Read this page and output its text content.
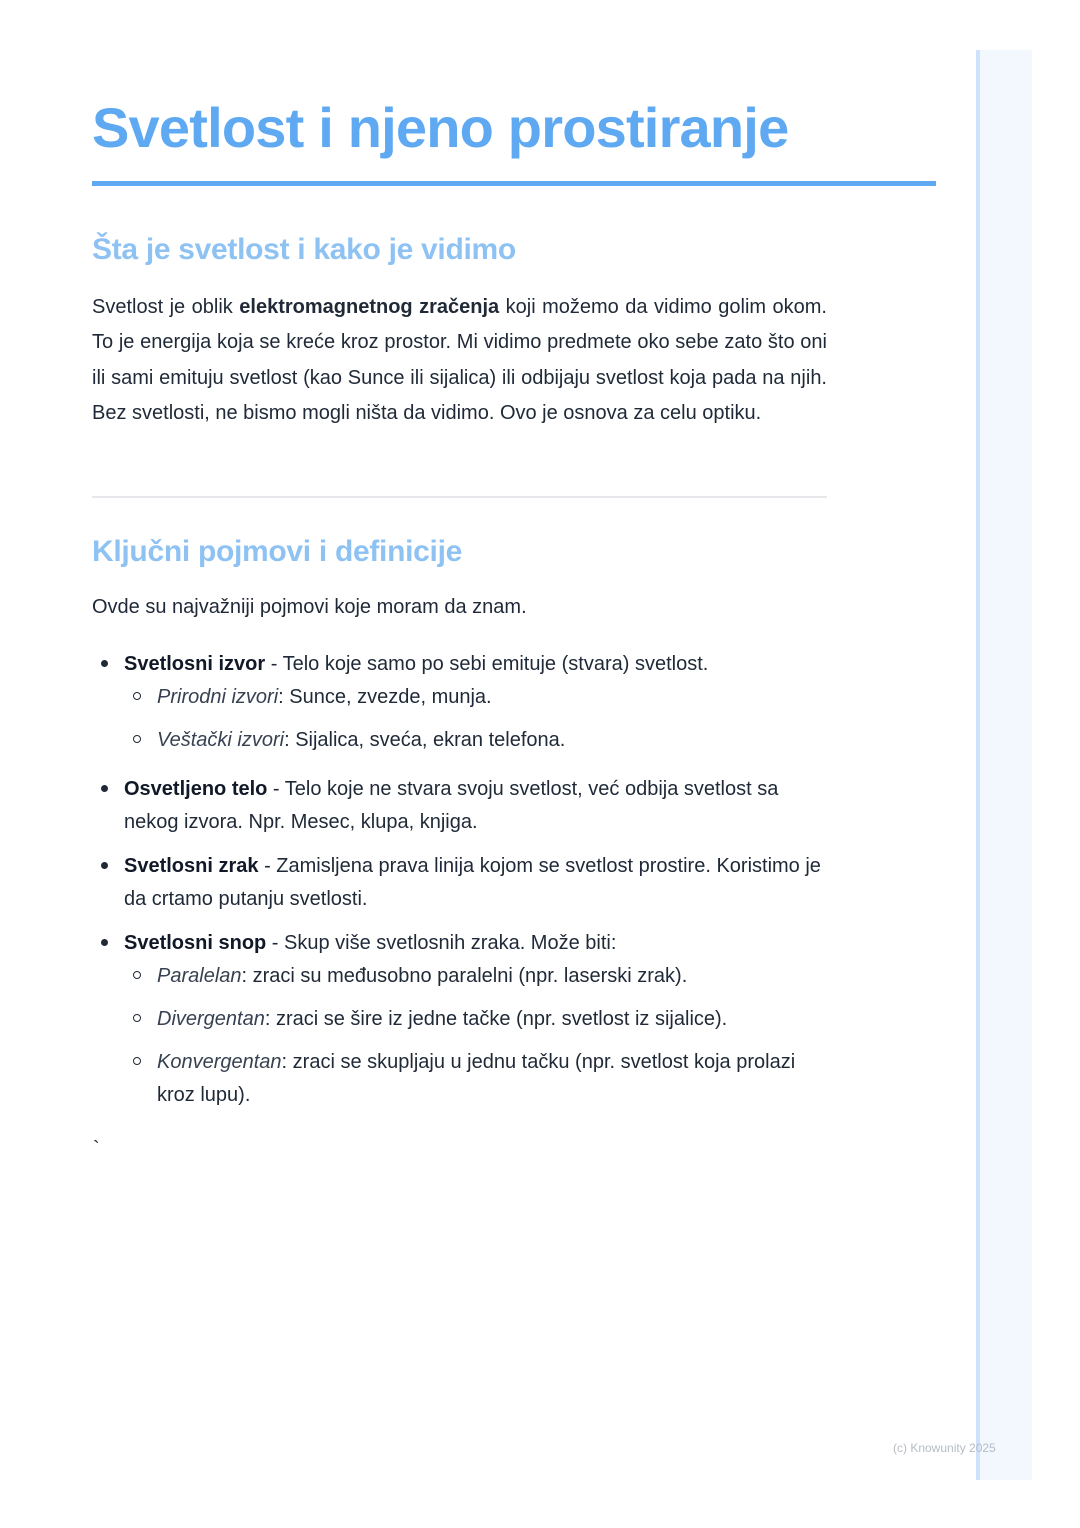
Svetlost i njeno prostiranje
Šta je svetlost i kako je vidimo

Svetlost je oblik elektromagnetnog zračenja koji možemo da vidimo golim okom. To je energija koja se kreće kroz prostor. Mi vidimo predmete oko sebe zato što oni ili sami emituju svetlost (kao Sunce ili sijalica) ili odbijaju svetlost koja pada na njih. Bez svetlosti, ne bismo mogli ništa da vidimo. Ovo je osnova za celu optiku.

Ključni pojmovi i definicije

Ovde su najvažniji pojmovi koje moram da znam.

Svetlosni izvor - Telo koje samo po sebi emituje (stvara) svetlost.
Prirodni izvori: Sunce, zvezde, munja.
Veštački izvori: Sijalica, sveća, ekran telefona.
Osvetljeno telo - Telo koje ne stvara svoju svetlost, već odbija svetlost sa nekog izvora. Npr. Mesec, klupa, knjiga.
Svetlosni zrak - Zamisljena prava linija kojom se svetlost prostire. Koristimo je da crtamo putanju svetlosti.
Svetlosni snop - Skup više svetlosnih zraka. Može biti:
Paralelan: zraci su međusobno paralelni (npr. laserski zrak).
Divergentan: zraci se šire iz jedne tačke (npr. svetlost iz sijalice).
Konvergentan: zraci se skupljaju u jednu tačku (npr. svetlost koja prolazi kroz lupu).
`
(c) Knowunity 2025
